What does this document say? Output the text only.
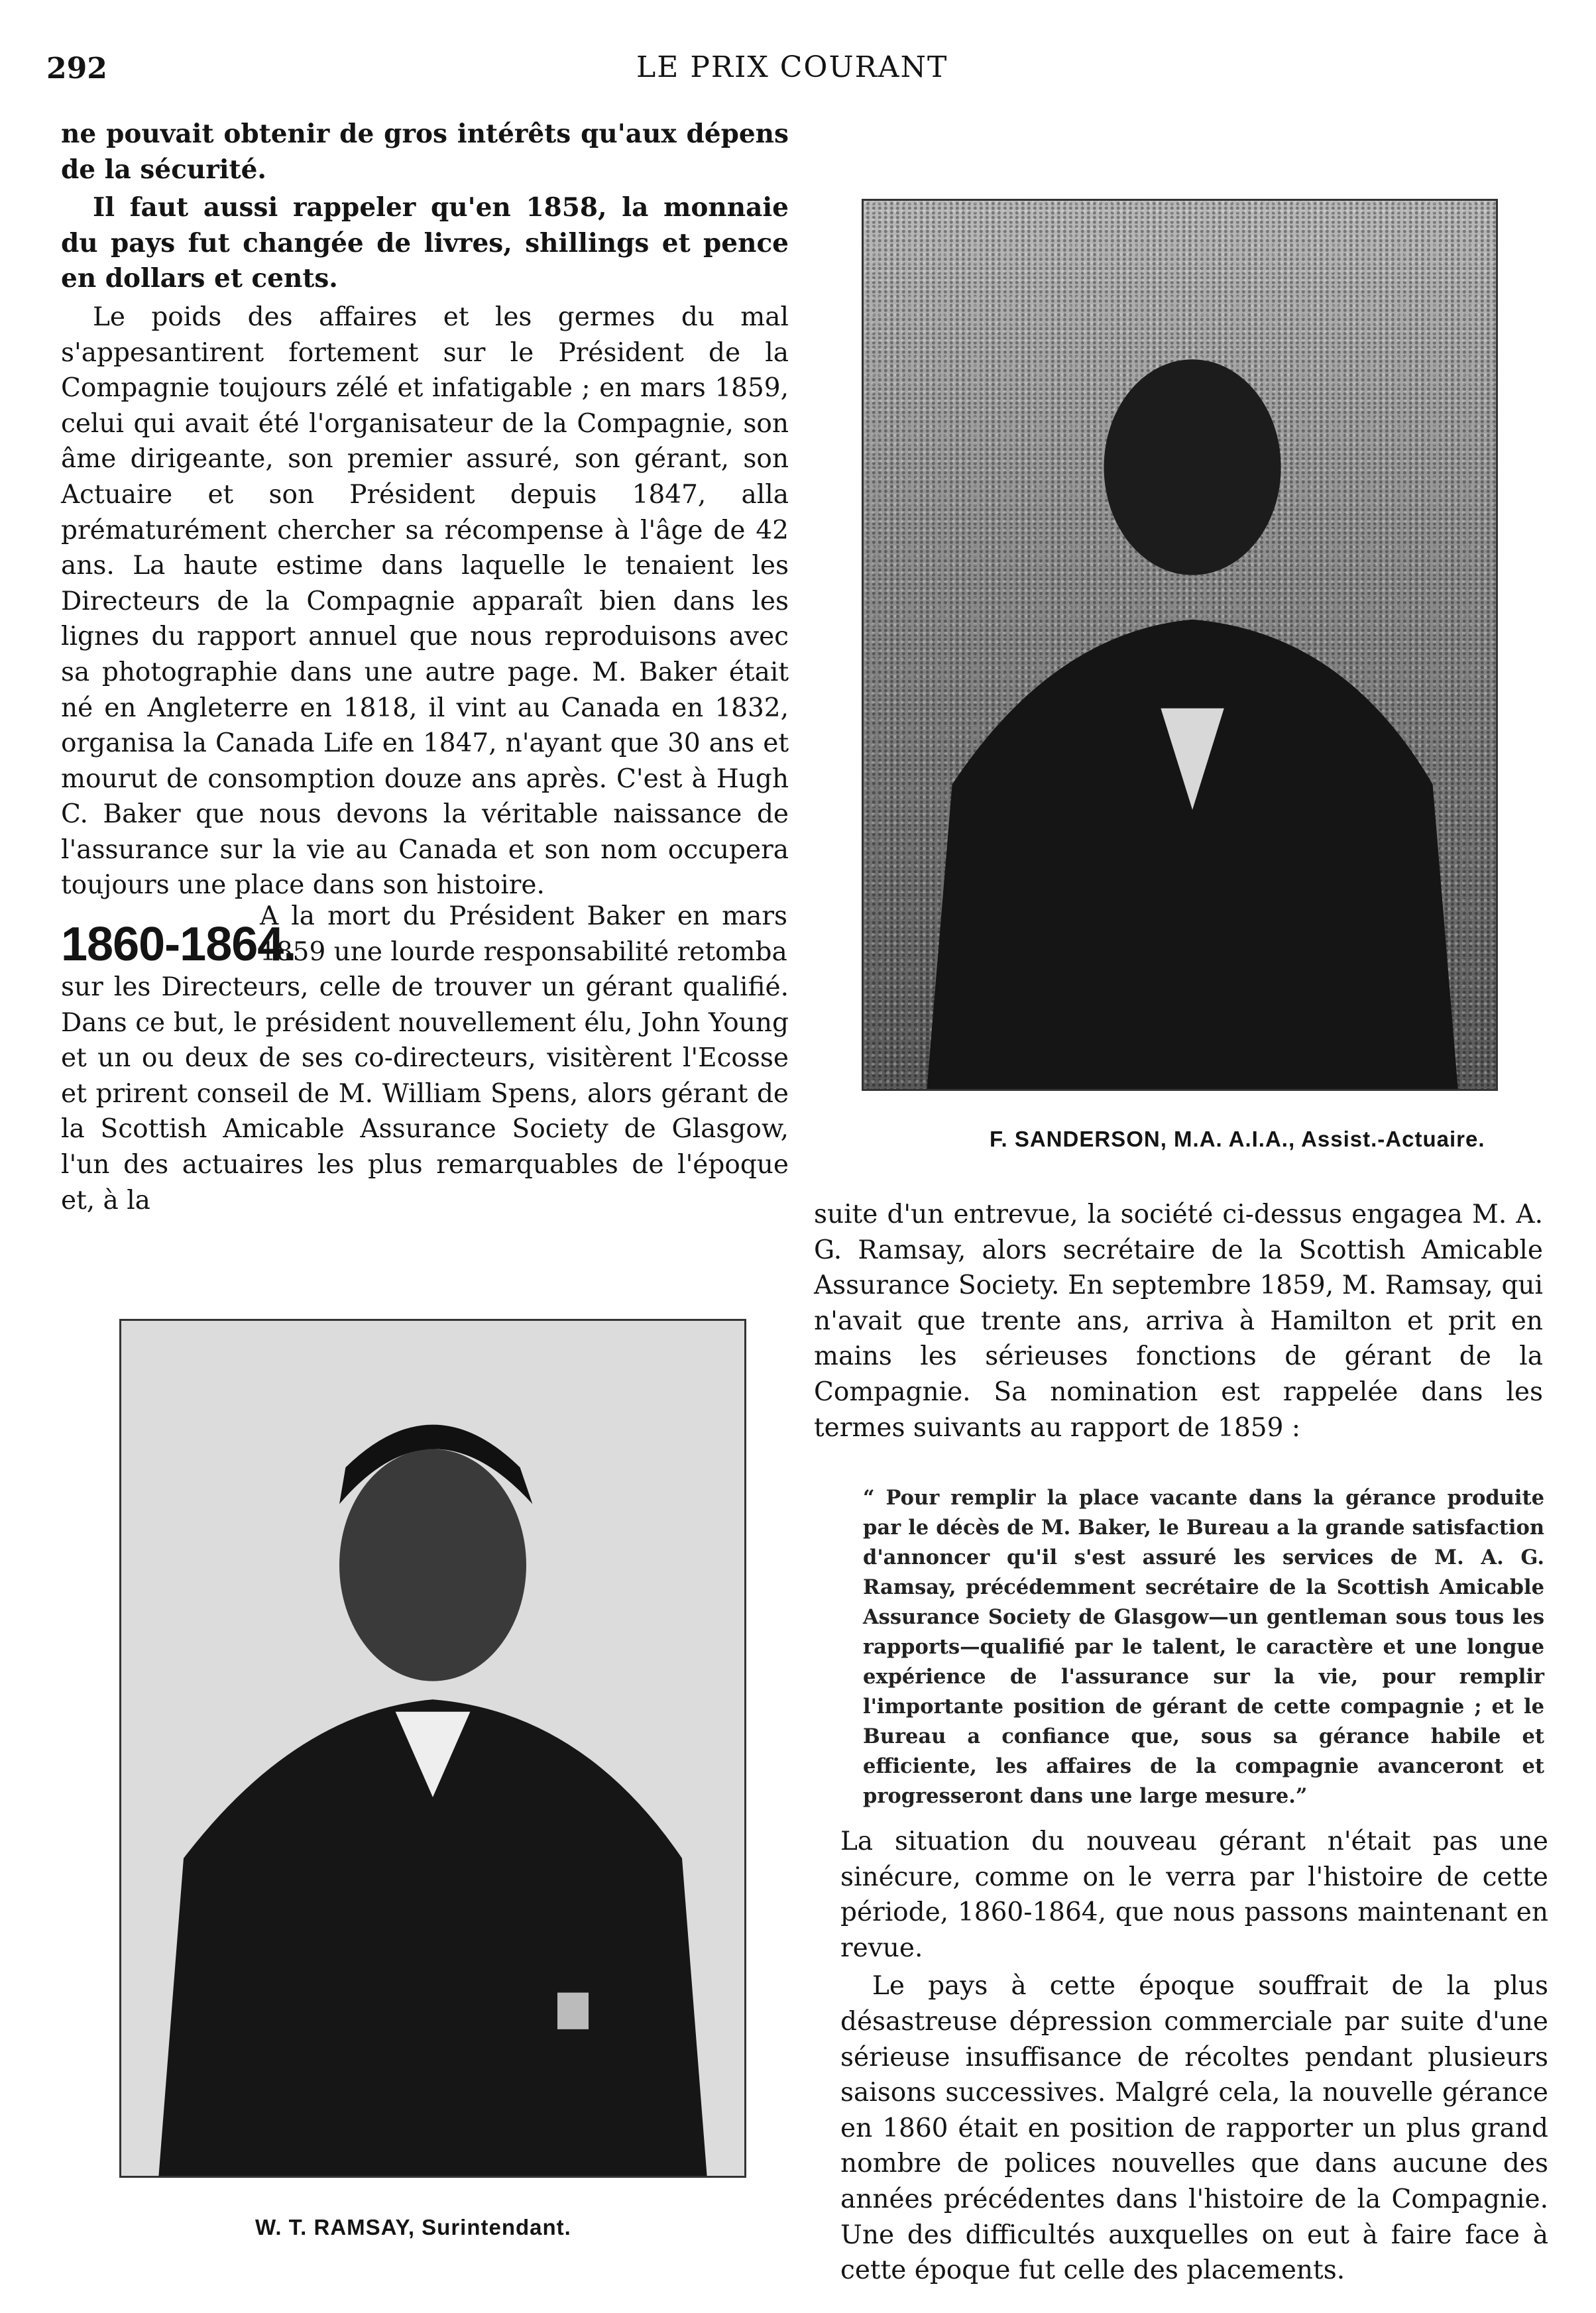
292	LE PRIX COURANT

ne pouvait obtenir de gros intérêts qu'aux dépens de la sécurité.

Il faut aussi rappeler qu'en 1858, la monnaie du pays fut changée de livres, shillings et pence en dollars et cents.

Le poids des affaires et les germes du mal s'appesantirent fortement sur le Président de la Compagnie toujours zélé et infatigable ; en mars 1859, celui qui avait été l'organisateur de la Compagnie, son âme dirigeante, son premier assuré, son gérant, son Actuaire et son Président depuis 1847, alla prématurément chercher sa récompense à l'âge de 42 ans. La haute estime dans laquelle le tenaient les Directeurs de la Compagnie apparaît bien dans les lignes du rapport annuel que nous reproduisons avec sa photographie dans une autre page. M. Baker était né en Angleterre en 1818, il vint au Canada en 1832, organisa la Canada Life en 1847, n'ayant que 30 ans et mourut de consomption douze ans après. C'est à Hugh C. Baker que nous devons la véritable naissance de l'assurance sur la vie au Canada et son nom occupera toujours une place dans son histoire.

1860-1864.
A la mort du Président Baker en mars 1859 une lourde responsabilité retomba
sur les Directeurs, celle de trouver un gérant qualifié. Dans ce but, le président nouvellement élu, John Young et un ou deux de ses co-directeurs, visitèrent l'Ecosse et prirent conseil de M. William Spens, alors gérant de la Scottish Amicable Assurance Society de Glasgow, l'un des actuaires les plus remarquables de l'époque et, à la
F. SANDERSON, M.A. A.I.A., Assist.-Actuaire.

suite d'un entrevue, la société ci-dessus engagea M. A. G. Ramsay, alors secrétaire de la Scottish Amicable Assurance Society. En septembre 1859, M. Ramsay, qui n'avait que trente ans, arriva à Hamilton et prit en mains les sérieuses fonctions de gérant de la Compagnie. Sa nomination est rappelée dans les termes suivants au rapport de 1859 :

“ Pour remplir la place vacante dans la gérance produite par le décès de M. Baker, le Bureau a la grande satisfaction d'annoncer qu'il s'est assuré les services de M. A. G. Ramsay, précédemment secrétaire de la Scottish Amicable Assurance Society de Glasgow—un gentleman sous tous les rapports—qualifié par le talent, le caractère et une longue expérience de l'assurance sur la vie, pour remplir l'importante position de gérant de cette compagnie ; et le Bureau a confiance que, sous sa gérance habile et efficiente, les affaires de la compagnie avanceront et progresseront dans une large mesure.”
W. T. RAMSAY, Surintendant.

La situation du nouveau gérant n'était pas une sinécure, comme on le verra par l'histoire de cette période, 1860-1864, que nous passons maintenant en revue.

Le pays à cette époque souffrait de la plus désastreuse dépression commerciale par suite d'une sérieuse insuffisance de récoltes pendant plusieurs saisons successives. Malgré cela, la nouvelle gérance en 1860 était en position de rapporter un plus grand nombre de polices nouvelles que dans aucune des années précédentes dans l'histoire de la Compagnie. Une des difficultés auxquelles on eut à faire face à cette époque fut celle des placements.
